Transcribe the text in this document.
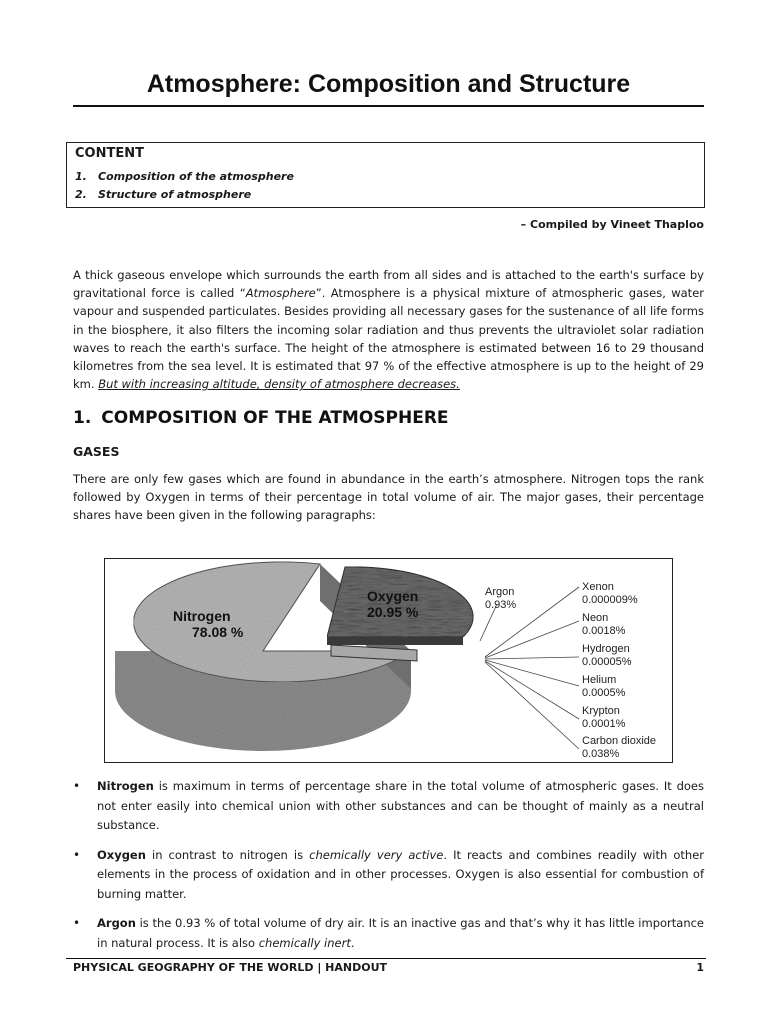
Atmosphere: Composition and Structure
CONTENT
1. Composition of the atmosphere
2. Structure of atmosphere
– Compiled by Vineet Thaploo

A thick gaseous envelope which surrounds the earth from all sides and is attached to the earth's surface by gravitational force is called “Atmosphere”. Atmosphere is a physical mixture of atmospheric gases, water vapour and suspended particulates. Besides providing all necessary gases for the sustenance of all life forms in the biosphere, it also filters the incoming solar radiation and thus prevents the ultraviolet solar radiation waves to reach the earth's surface. The height of the atmosphere is estimated between 16 to 29 thousand kilometres from the sea level. It is estimated that 97 % of the effective atmosphere is up to the height of 29 km. But with increasing altitude, density of atmosphere decreases.

1. COMPOSITION OF THE ATMOSPHERE
GASES

There are only few gases which are found in abundance in the earth’s atmosphere. Nitrogen tops the rank followed by Oxygen in terms of their percentage in total volume of air. The major gases, their percentage shares have been given in the following paragraphs:

Nitrogen
78.08 %
Oxygen
20.95 %
Argon
0.93%
Xenon
0.000009%
Neon
0.0018%
Hydrogen
0.00005%
Helium
0.0005%
Krypton
0.0001%
Carbon dioxide
0.038%
• Nitrogen is maximum in terms of percentage share in the total volume of atmospheric gases. It does not enter easily into chemical union with other substances and can be thought of mainly as a neutral substance.
• Oxygen in contrast to nitrogen is chemically very active. It reacts and combines readily with other elements in the process of oxidation and in other processes. Oxygen is also essential for combustion of burning matter.
• Argon is the 0.93 % of total volume of dry air. It is an inactive gas and that’s why it has little importance in natural process. It is also chemically inert.
PHYSICAL GEOGRAPHY OF THE WORLD | HANDOUT	1
